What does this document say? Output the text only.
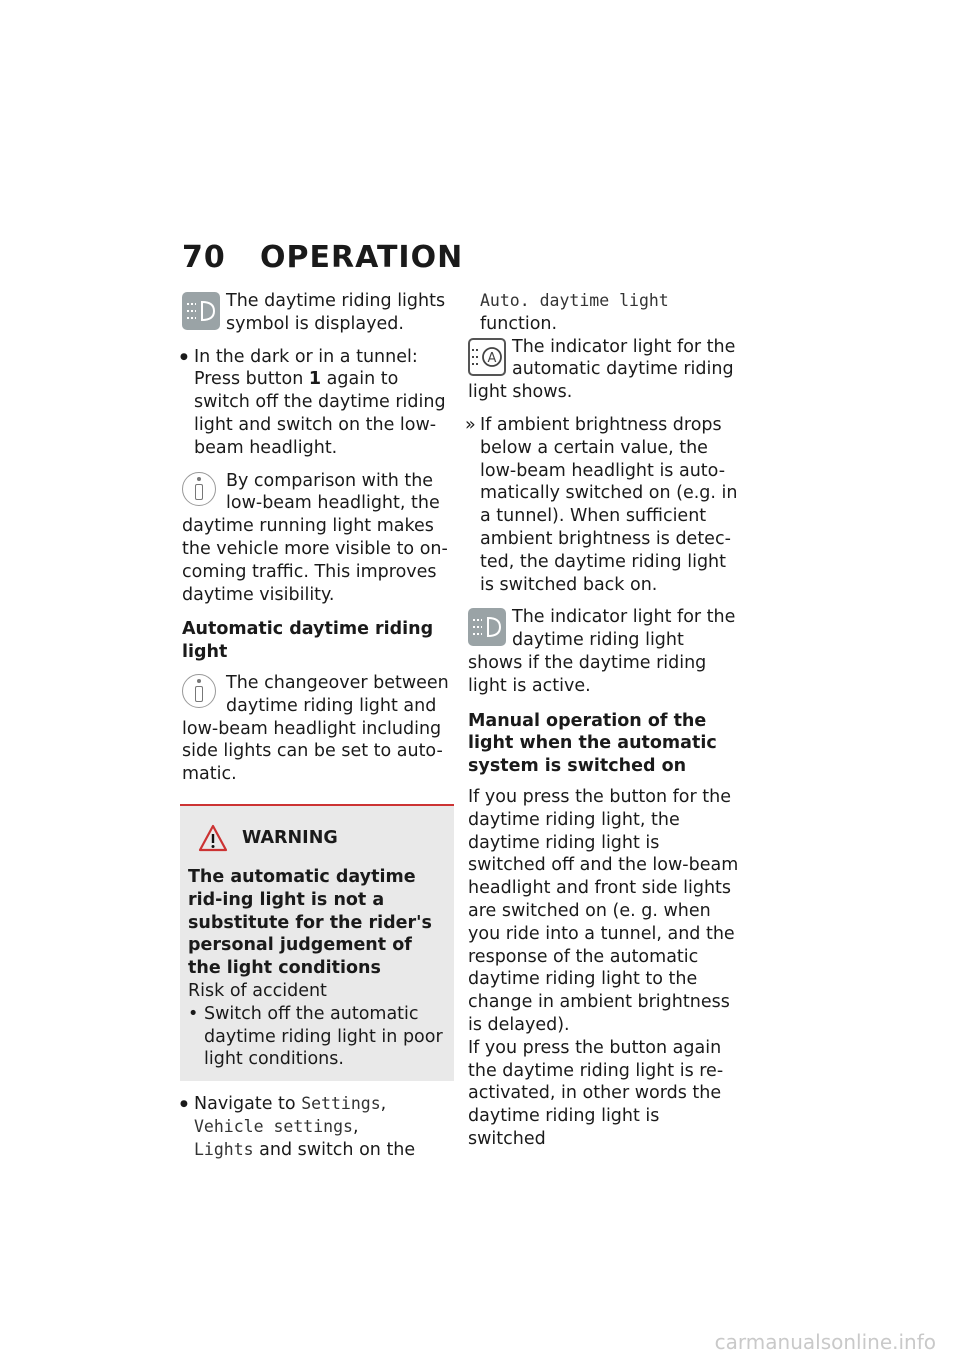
70 OPERATION
The daytime riding lights symbol is displayed.
● In the dark or in a tunnel: Press button 1 again to switch off the daytime riding light and switch on the low-beam headlight.
By comparison with the low-beam headlight, the daytime running light makes the vehicle more visible to on-coming traffic. This improves daytime visibility.
Automatic daytime riding light
The changeover between daytime riding light and low-beam headlight including side lights can be set to auto-matic.
WARNING
The automatic daytime rid-ing light is not a substitute for the rider's personal judgement of the light conditions
Risk of accident
• Switch off the automatic daytime riding light in poor light conditions.
● Navigate to Settings,
Vehicle settings,
Lights and switch on the
Auto. daytime light
function.
A
The indicator light for the automatic daytime riding light shows.
» If ambient brightness drops below a certain value, the low-beam headlight is auto-matically switched on (e.g. in a tunnel). When sufficient ambient brightness is detec-ted, the daytime riding light is switched back on.
The indicator light for the daytime riding light shows if the daytime riding light is active.
Manual operation of the light when the automatic system is switched on
If you press the button for the daytime riding light, the daytime riding light is switched off and the low-beam headlight and front side lights are switched on (e. g. when you ride into a tunnel, and the response of the automatic daytime riding light to the change in ambient brightness is delayed).
If you press the button again the daytime riding light is re-activated, in other words the daytime riding light is switched
carmanualsonline.info
